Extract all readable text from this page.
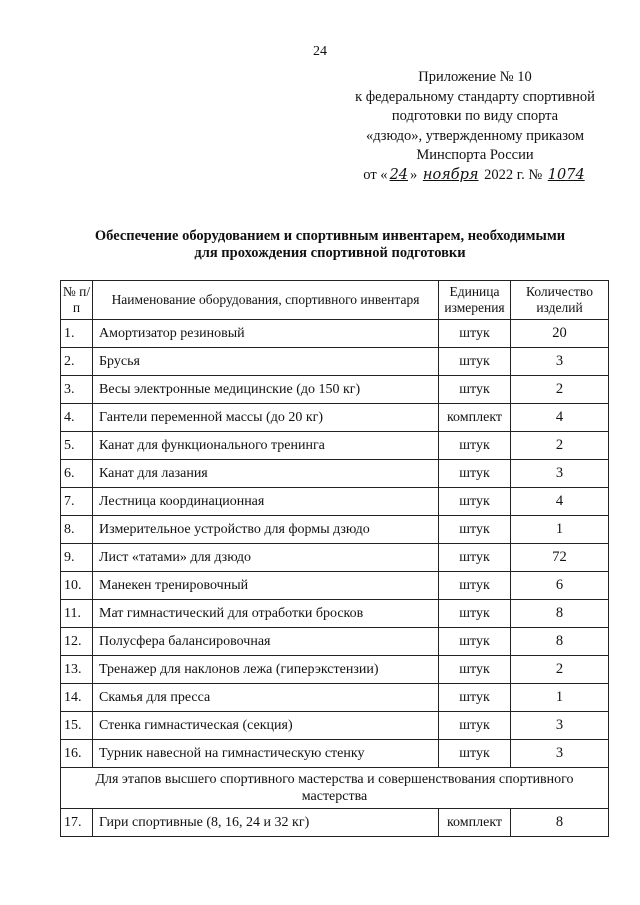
24
Приложение № 10
к федеральному стандарту спортивной
подготовки по виду спорта
«дзюдо», утвержденному приказом
Минспорта России
от « 24 » ноября 2022 г. № 1074
Обеспечение оборудованием и спортивным инвентарем, необходимыми
для прохождения спортивной подготовки
№ п/п	Наименование оборудования, спортивного инвентаря	Единица измерения	Количество изделий
1.	Амортизатор резиновый	штук	20
2.	Брусья	штук	3
3.	Весы электронные медицинские (до 150 кг)	штук	2
4.	Гантели переменной массы (до 20 кг)	комплект	4
5.	Канат для функционального тренинга	штук	2
6.	Канат для лазания	штук	3
7.	Лестница координационная	штук	4
8.	Измерительное устройство для формы дзюдо	штук	1
9.	Лист «татами» для дзюдо	штук	72
10.	Манекен тренировочный	штук	6
11.	Мат гимнастический для отработки бросков	штук	8
12.	Полусфера балансировочная	штук	8
13.	Тренажер для наклонов лежа (гиперэкстензии)	штук	2
14.	Скамья для пресса	штук	1
15.	Стенка гимнастическая (секция)	штук	3
16.	Турник навесной на гимнастическую стенку	штук	3
Для этапов высшего спортивного мастерства и совершенствования спортивного мастерства			
17.	Гири спортивные (8, 16, 24 и 32 кг)	комплект	8
